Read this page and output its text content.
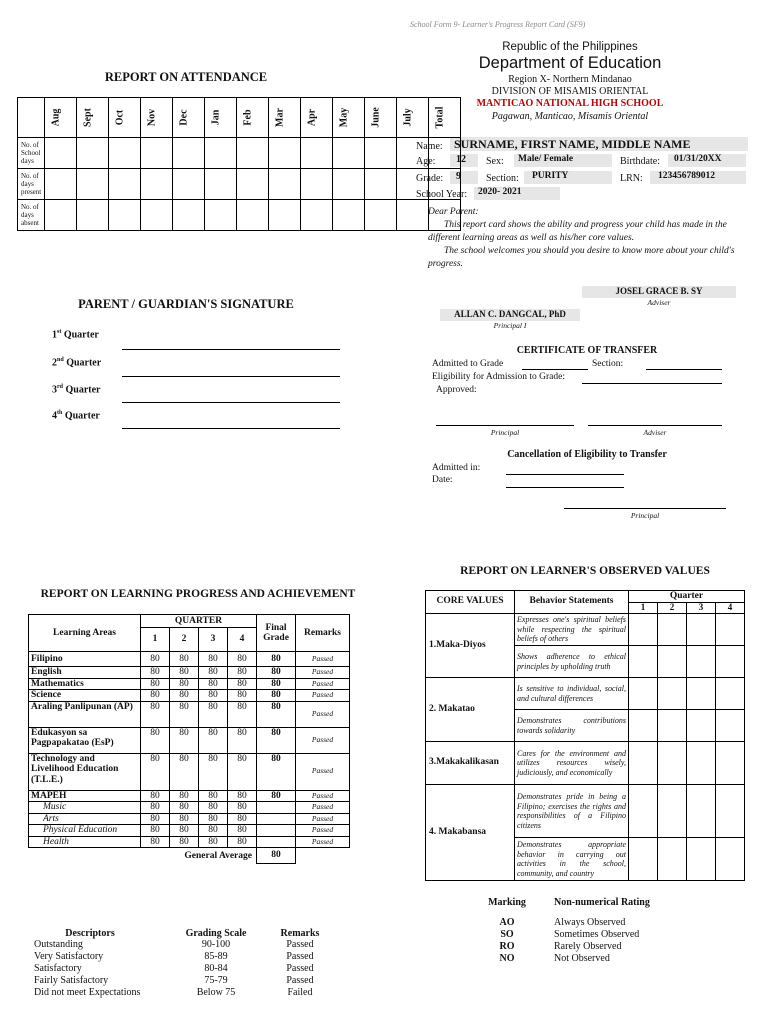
School Form 9- Learner's Progress Report Card (SF9)
Republic of the Philippines
Department of Education
Region X- Northern Mindanao
DIVISION OF MISAMIS ORIENTAL
MANTICAO NATIONAL HIGH SCHOOL
Pagawan, Manticao, Misamis Oriental
Name: SURNAME, FIRST NAME, MIDDLE NAME
Age:	12	Sex:	Male/ Female	Birthdate:	01/31/20XX
Grade:	9	Section:	PURITY	LRN:	123456789012
School Year:	2020- 2021
Dear Parent:
This report card shows the ability and progress your child has made in the different learning areas as well as his/her core values.
The school welcomes you should you desire to know more about your child's progress.
JOSEL GRACE B. SY
Adviser
ALLAN C. DANGCAL, PhD
Principal I
CERTIFICATE OF TRANSFER
Admitted to Grade	Section:
Eligibility for Admission to Grade:
Approved:
Principal	Adviser
Cancellation of Eligibility to Transfer
Admitted in:
Date:
Principal
REPORT ON ATTENDANCE

	Aug	Sept	Oct	Nov	Dec	Jan	Feb	Mar	Apr	May	June	July	Total

No. of School days													
No. of days present													
No. of days absent													
PARENT / GUARDIAN'S SIGNATURE
1st Quarter
2nd Quarter
3rd Quarter
4th Quarter
REPORT ON LEARNING PROGRESS AND ACHIEVEMENT
Learning Areas	QUARTER				Final Grade	Remarks
	1	2	3	4		
Filipino	80	80	80	80	80	Passed
English	80	80	80	80	80	Passed
Mathematics	80	80	80	80	80	Passed
Science	80	80	80	80	80	Passed
Araling Panlipunan (AP)	80	80	80	80	80	Passed
Edukasyon sa Pagpapakatao (EsP)	80	80	80	80	80	Passed
Technology and Livelihood Education (T.L.E.)	80	80	80	80	80	Passed
MAPEH	80	80	80	80	80	Passed
Music	80	80	80	80		Passed
Arts	80	80	80	80		Passed
Physical Education	80	80	80	80		Passed
Health	80	80	80	80		Passed
General Average					80	
Descriptors	Grading Scale	Remarks
Outstanding	90-100	Passed
Very Satisfactory	85-89	Passed
Satisfactory	80-84	Passed
Fairly Satisfactory	75-79	Passed
Did not meet Expectations	Below 75	Failed
REPORT ON LEARNER'S OBSERVED VALUES
CORE VALUES	Behavior Statements	Quarter			
		1	2	3	4
1.Maka-Diyos	Expresses one's spiritual beliefs while respecting the spiritual beliefs of others				
	Shows adherence to ethical principles by upholding truth				
2. Makatao	Is sensitive to individual, social, and cultural differences				
	Demonstrates contributions towards solidarity				
3.Makakalikasan	Cares for the environment and utilizes resources wisely, judiciously, and economically				
4. Makabansa	Demonstrates pride in being a Filipino; exercises the rights and responsibilities of a Filipino citizens				
	Demonstrates appropriate behavior in carrying out activities in the school, community, and country				
Marking	Non-numerical Rating
AO	Always Observed
SO	Sometimes Observed
RO	Rarely Observed
NO	Not Observed
